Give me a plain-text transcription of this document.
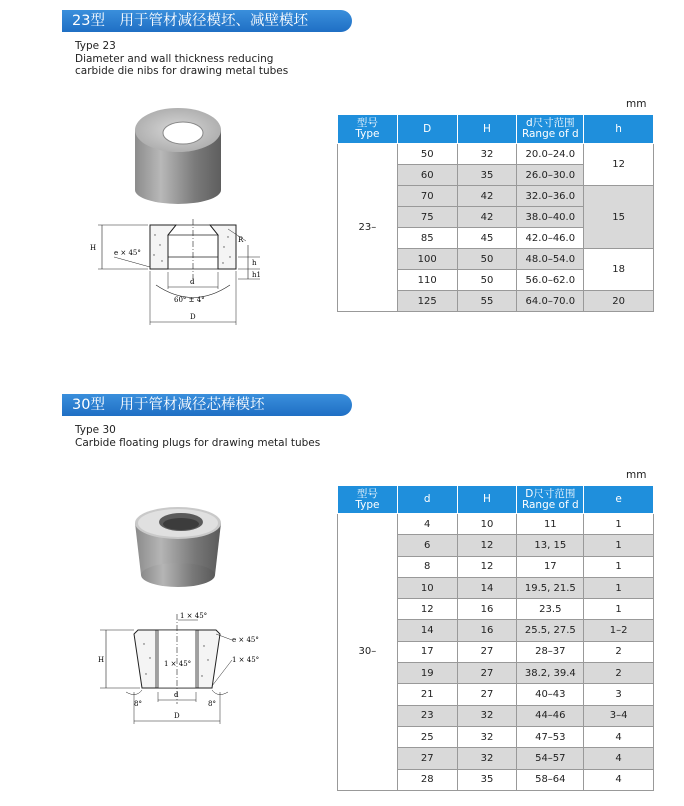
23型　用于管材减径模坯、减壁模坯
Type 23
Diameter and wall thickness reducing
carbide die nibs for drawing metal tubes
H
e × 45°
R
h
h1
d
60° ± 4°
D
mm
型号
Type	D	H	d尺寸范围
Range of d	h
23–	50	32	20.0–24.0	12
	60	35	26.0–30.0	
	70	42	32.0–36.0	15
	75	42	38.0–40.0	
	85	45	42.0–46.0	
	100	50	48.0–54.0	18
	110	50	56.0–62.0	
	125	55	64.0–70.0	20
30型　用于管材减径芯棒模坯
Type 30
Carbide floating plugs for drawing metal tubes
1 × 45°
e × 45°
1 × 45°
1 × 45°
H
d
8°	8°
D
mm
型号
Type	d	H	D尺寸范围
Range of d	e
30–	4	10	11	1
	6	12	13, 15	1
	8	12	17	1
	10	14	19.5, 21.5	1
	12	16	23.5	1
	14	16	25.5, 27.5	1–2
	17	27	28–37	2
	19	27	38.2, 39.4	2
	21	27	40–43	3
	23	32	44–46	3–4
	25	32	47–53	4
	27	32	54–57	4
	28	35	58–64	4
